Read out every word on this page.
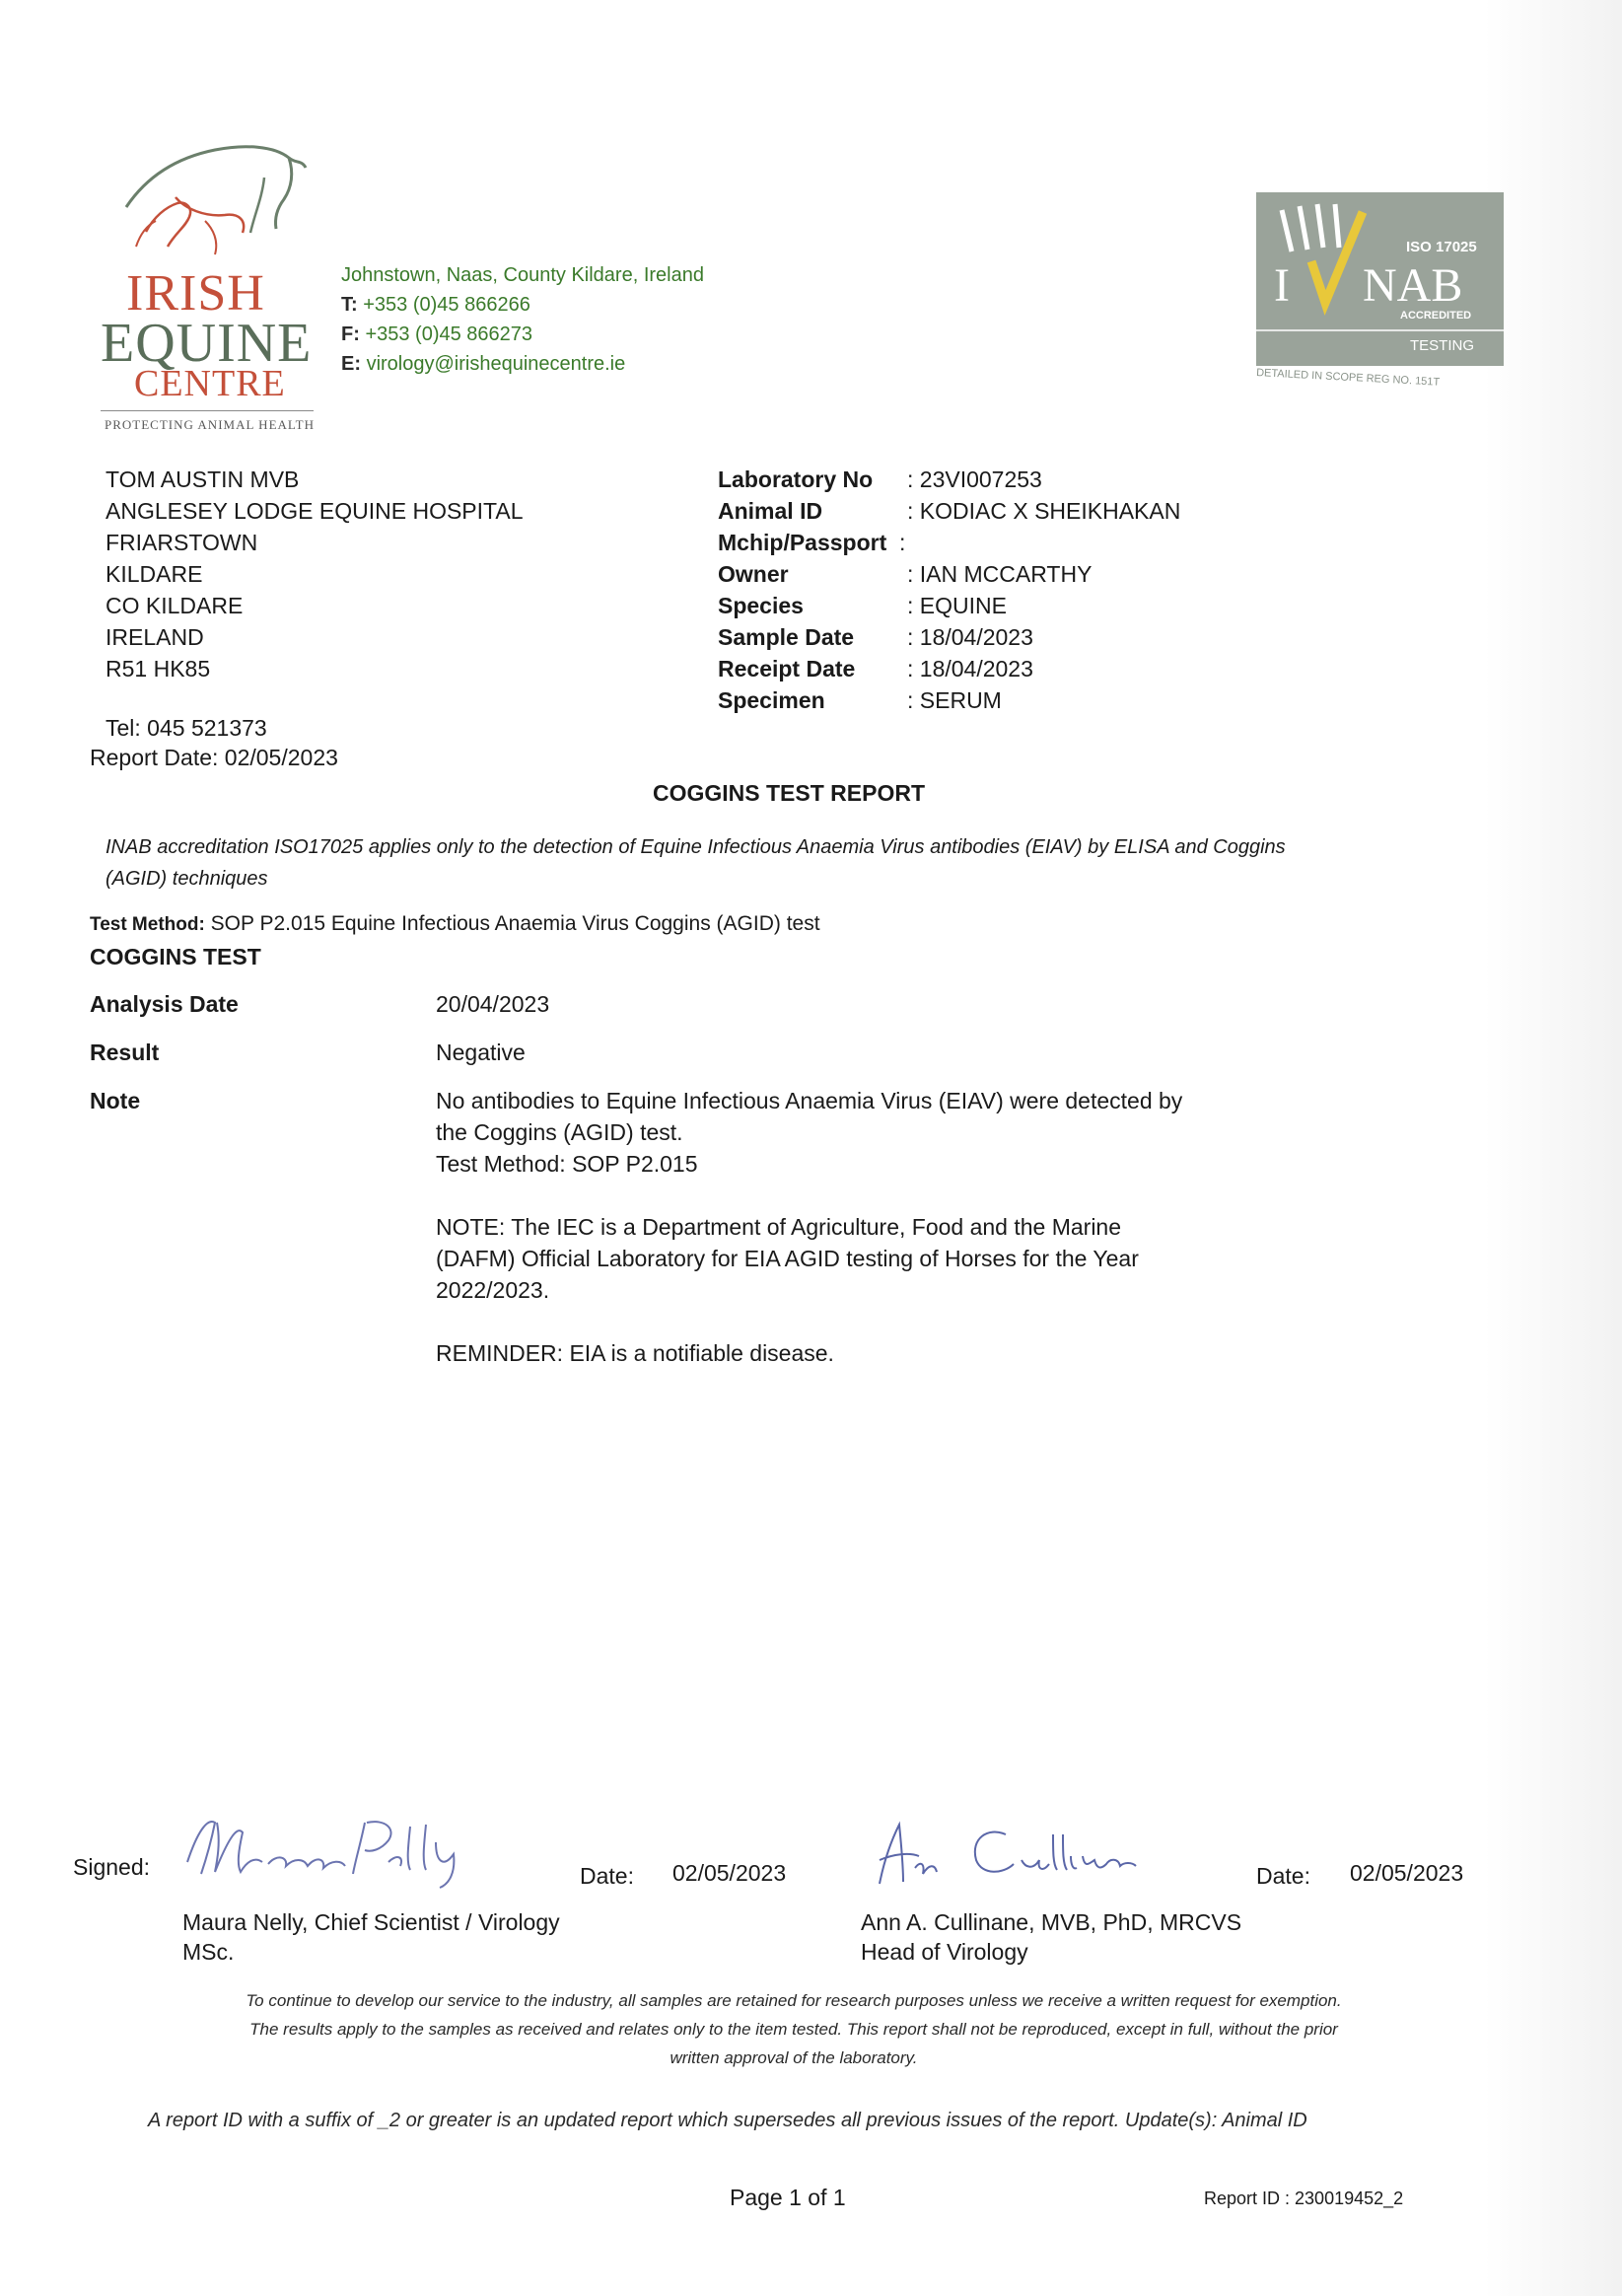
IRISH
EQUINE
CENTRE
PROTECTING ANIMAL HEALTH
Johnstown, Naas, County Kildare, Ireland
T: +353 (0)45 866266
F: +353 (0)45 866273
E: virology@irishequinecentre.ie
ISO 17025
I NAB
ACCREDITED
TESTING
DETAILED IN SCOPE REG NO. 151T
TOM AUSTIN MVB
ANGLESEY LODGE EQUINE HOSPITAL
FRIARSTOWN
KILDARE
CO KILDARE
IRELAND
R51 HK85
Tel: 045 521373
Report Date: 02/05/2023
Laboratory No	: 23VI007253
Animal ID	: KODIAC X SHEIKHAKAN
Mchip/Passport :
Owner	: IAN MCCARTHY
Species	: EQUINE
Sample Date	: 18/04/2023
Receipt Date	: 18/04/2023
Specimen	: SERUM
COGGINS TEST REPORT
INAB accreditation ISO17025 applies only to the detection of Equine Infectious Anaemia Virus antibodies (EIAV) by ELISA and Coggins (AGID) techniques
Test Method: SOP P2.015 Equine Infectious Anaemia Virus Coggins (AGID) test
COGGINS TEST
Analysis Date	20/04/2023
Result	Negative
Note	No antibodies to Equine Infectious Anaemia Virus (EIAV) were detected by
the Coggins (AGID) test.
Test Method: SOP P2.015
NOTE: The IEC is a Department of Agriculture, Food and the Marine
(DAFM) Official Laboratory for EIA AGID testing of Horses for the Year
2022/2023.
REMINDER: EIA is a notifiable disease.
Signed:	Date: 02/05/2023	Date: 02/05/2023
Maura Nelly, Chief Scientist / Virology
MSc.
Ann A. Cullinane, MVB, PhD, MRCVS
Head of Virology
To continue to develop our service to the industry, all samples are retained for research purposes unless we receive a written request for exemption.
The results apply to the samples as received and relates only to the item tested. This report shall not be reproduced, except in full, without the prior
written approval of the laboratory.
A report ID with a suffix of _2 or greater is an updated report which supersedes all previous issues of the report. Update(s): Animal ID
Page 1 of 1	Report ID : 230019452_2
